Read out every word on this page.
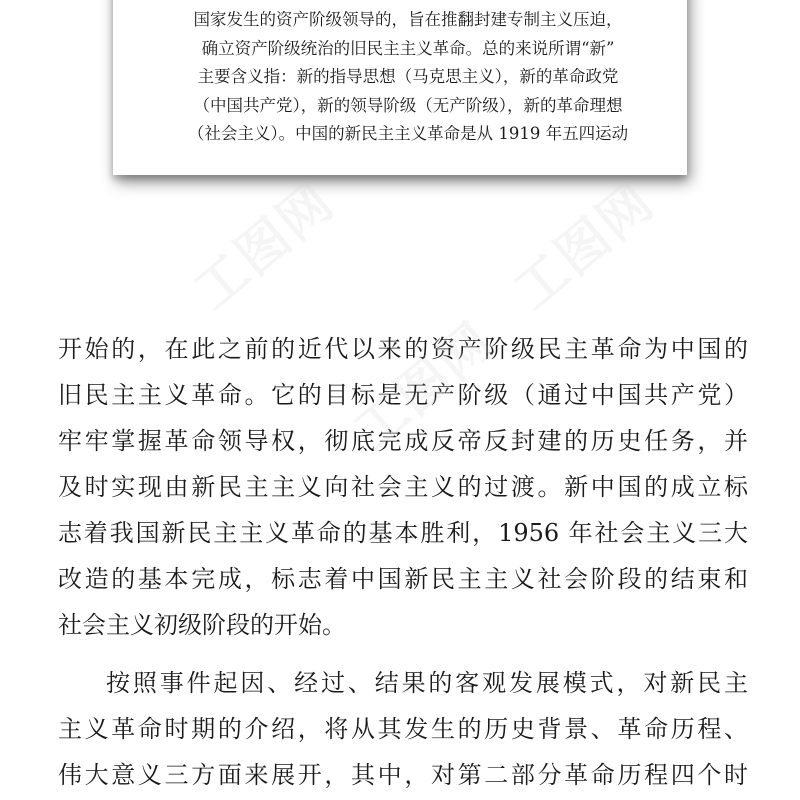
工图网	工图网
工图网
国家发生的资产阶级领导的，旨在推翻封建专制主义压迫，
确立资产阶级统治的旧民主主义革命。总的来说所谓“新”
主要含义指：新的指导思想（马克思主义），新的革命政党
（中国共产党），新的领导阶级（无产阶级），新的革命理想
（社会主义）。中国的新民主主义革命是从 1919 年五四运动
开始的，在此之前的近代以来的资产阶级民主革命为中国的
旧民主主义革命。它的目标是无产阶级（通过中国共产党）
牢牢掌握革命领导权，彻底完成反帝反封建的历史任务，并
及时实现由新民主主义向社会主义的过渡。新中国的成立标
志着我国新民主主义革命的基本胜利，1956 年社会主义三大
改造的基本完成，标志着中国新民主主义社会阶段的结束和
社会主义初级阶段的开始。
按照事件起因、经过、结果的客观发展模式，对新民主
主义革命时期的介绍，将从其发生的历史背景、革命历程、
伟大意义三方面来展开，其中，对第二部分革命历程四个时
